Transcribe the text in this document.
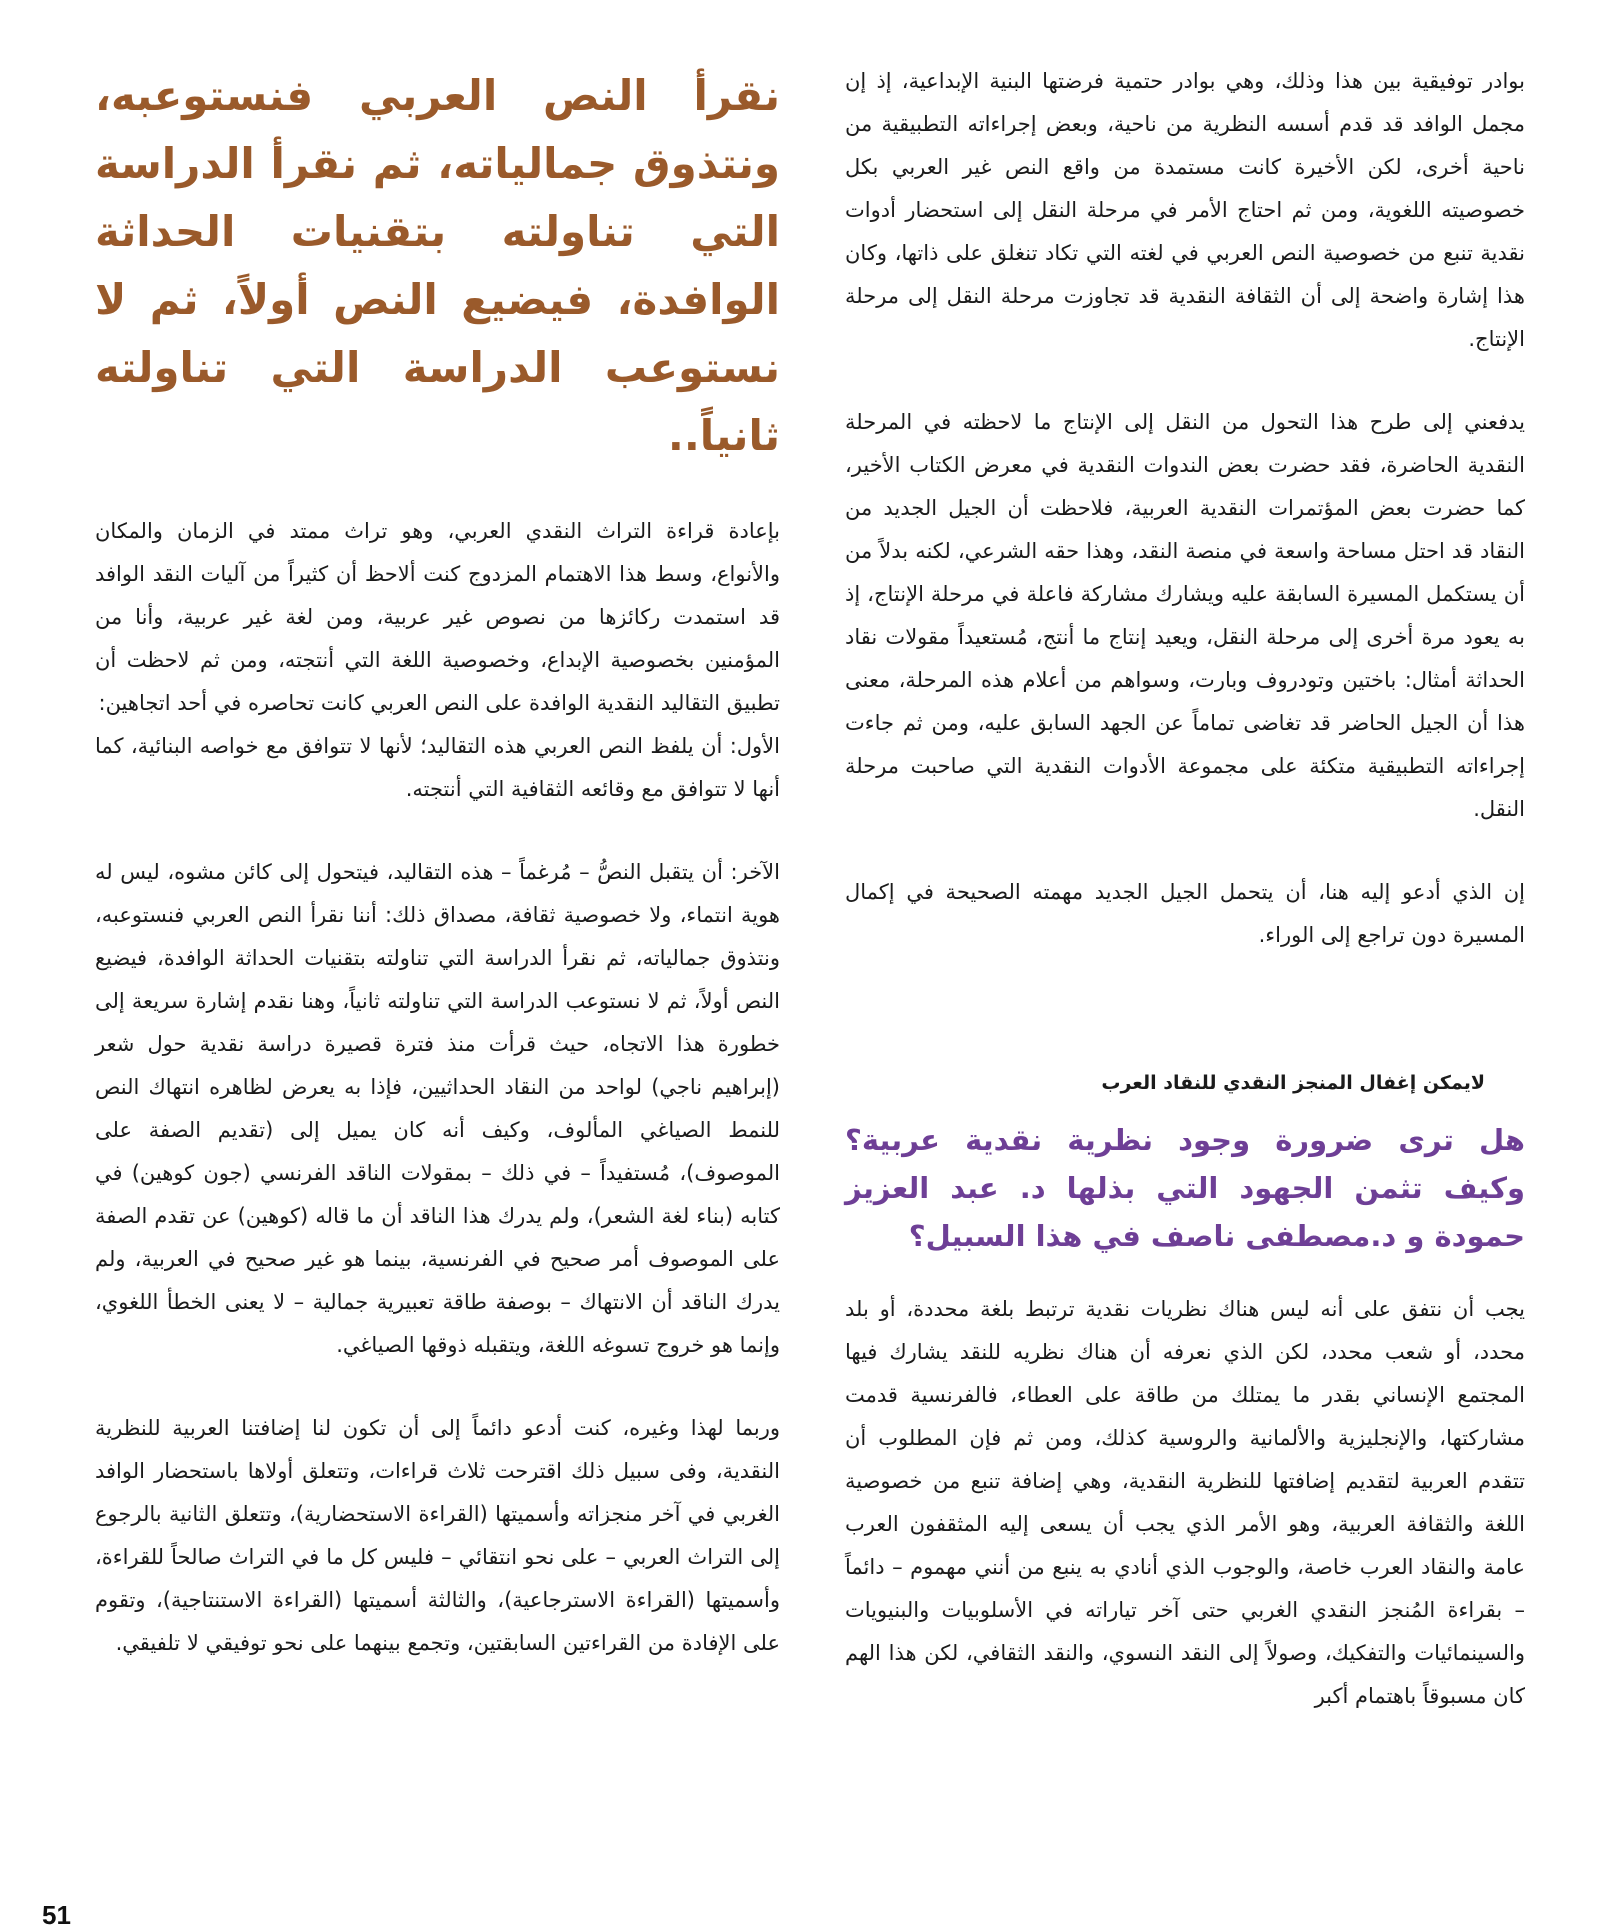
بوادر توفيقية بين هذا وذلك، وهي بوادر حتمية فرضتها البنية الإبداعية، إذ إن مجمل الوافد قد قدم أسسه النظرية من ناحية، وبعض إجراءاته التطبيقية من ناحية أخرى، لكن الأخيرة كانت مستمدة من واقع النص غير العربي بكل خصوصيته اللغوية، ومن ثم احتاج الأمر في مرحلة النقل إلى استحضار أدوات نقدية تنبع من خصوصية النص العربي في لغته التي تكاد تنغلق على ذاتها، وكان هذا إشارة واضحة إلى أن الثقافة النقدية قد تجاوزت مرحلة النقل إلى مرحلة الإنتاج.

يدفعني إلى طرح هذا التحول من النقل إلى الإنتاج ما لاحظته في المرحلة النقدية الحاضرة، فقد حضرت بعض الندوات النقدية في معرض الكتاب الأخير، كما حضرت بعض المؤتمرات النقدية العربية، فلاحظت أن الجيل الجديد من النقاد قد احتل مساحة واسعة في منصة النقد، وهذا حقه الشرعي، لكنه بدلاً من أن يستكمل المسيرة السابقة عليه ويشارك مشاركة فاعلة في مرحلة الإنتاج، إذ به يعود مرة أخرى إلى مرحلة النقل، ويعيد إنتاج ما أنتج، مُستعيداً مقولات نقاد الحداثة أمثال: باختين وتودروف وبارت، وسواهم من أعلام هذه المرحلة، معنى هذا أن الجيل الحاضر قد تغاضى تماماً عن الجهد السابق عليه، ومن ثم جاءت إجراءاته التطبيقية متكئة على مجموعة الأدوات النقدية التي صاحبت مرحلة النقل.

إن الذي أدعو إليه هنا، أن يتحمل الجيل الجديد مهمته الصحيحة في إكمال المسيرة دون تراجع إلى الوراء.

لايمكن إغفال المنجز النقدي للنقاد العرب

هل ترى ضرورة وجود نظرية نقدية عربية؟ وكيف تثمن الجهود التي بذلها د. عبد العزيز حمودة و د.مصطفى ناصف في هذا السبيل؟

يجب أن نتفق على أنه ليس هناك نظريات نقدية ترتبط بلغة محددة، أو بلد محدد، أو شعب محدد، لكن الذي نعرفه أن هناك نظريه للنقد يشارك فيها المجتمع الإنساني بقدر ما يمتلك من طاقة على العطاء، فالفرنسية قدمت مشاركتها، والإنجليزية والألمانية والروسية كذلك، ومن ثم فإن المطلوب أن تتقدم العربية لتقديم إضافتها للنظرية النقدية، وهي إضافة تنبع من خصوصية اللغة والثقافة العربية، وهو الأمر الذي يجب أن يسعى إليه المثقفون العرب عامة والنقاد العرب خاصة، والوجوب الذي أنادي به ينبع من أنني مهموم – دائماً – بقراءة المُنجز النقدي الغربي حتى آخر تياراته في الأسلوبيات والبنيويات والسينمائيات والتفكيك، وصولاً إلى النقد النسوي، والنقد الثقافي، لكن هذا الهم كان مسبوقاً باهتمام أكبر

نقرأ النص العربي فنستوعبه، ونتذوق جمالياته، ثم نقرأ الدراسة التي تناولته بتقنيات الحداثة الوافدة، فيضيع النص أولاً، ثم لا نستوعب الدراسة التي تناولته ثانياً..

بإعادة قراءة التراث النقدي العربي، وهو تراث ممتد في الزمان والمكان والأنواع، وسط هذا الاهتمام المزدوج كنت ألاحظ أن كثيراً من آليات النقد الوافد قد استمدت ركائزها من نصوص غير عربية، ومن لغة غير عربية، وأنا من المؤمنين بخصوصية الإبداع، وخصوصية اللغة التي أنتجته، ومن ثم لاحظت أن تطبيق التقاليد النقدية الوافدة على النص العربي كانت تحاصره في أحد اتجاهين:

الأول: أن يلفظ النص العربي هذه التقاليد؛ لأنها لا تتوافق مع خواصه البنائية، كما أنها لا تتوافق مع وقائعه الثقافية التي أنتجته.

الآخر: أن يتقبل النصُّ – مُرغماً – هذه التقاليد، فيتحول إلى كائن مشوه، ليس له هوية انتماء، ولا خصوصية ثقافة، مصداق ذلك: أننا نقرأ النص العربي فنستوعبه، ونتذوق جمالياته، ثم نقرأ الدراسة التي تناولته بتقنيات الحداثة الوافدة، فيضيع النص أولاً، ثم لا نستوعب الدراسة التي تناولته ثانياً، وهنا نقدم إشارة سريعة إلى خطورة هذا الاتجاه، حيث قرأت منذ فترة قصيرة دراسة نقدية حول شعر (إبراهيم ناجي) لواحد من النقاد الحداثيين، فإذا به يعرض لظاهره انتهاك النص للنمط الصياغي المألوف، وكيف أنه كان يميل إلى (تقديم الصفة على الموصوف)، مُستفيداً – في ذلك – بمقولات الناقد الفرنسي (جون كوهين) في كتابه (بناء لغة الشعر)، ولم يدرك هذا الناقد أن ما قاله (كوهين) عن تقدم الصفة على الموصوف أمر صحيح في الفرنسية، بينما هو غير صحيح في العربية، ولم يدرك الناقد أن الانتهاك – بوصفة طاقة تعبيرية جمالية – لا يعنى الخطأ اللغوي، وإنما هو خروج تسوغه اللغة، ويتقبله ذوقها الصياغي.

وربما لهذا وغيره، كنت أدعو دائماً إلى أن تكون لنا إضافتنا العربية للنظرية النقدية، وفى سبيل ذلك اقترحت ثلاث قراءات، وتتعلق أولاها باستحضار الوافد الغربي في آخر منجزاته وأسميتها (القراءة الاستحضارية)، وتتعلق الثانية بالرجوع إلى التراث العربي – على نحو انتقائي – فليس كل ما في التراث صالحاً للقراءة، وأسميتها (القراءة الاسترجاعية)، والثالثة أسميتها (القراءة الاستنتاجية)، وتقوم على الإفادة من القراءتين السابقتين، وتجمع بينهما على نحو توفيقي لا تلفيقي.

51
